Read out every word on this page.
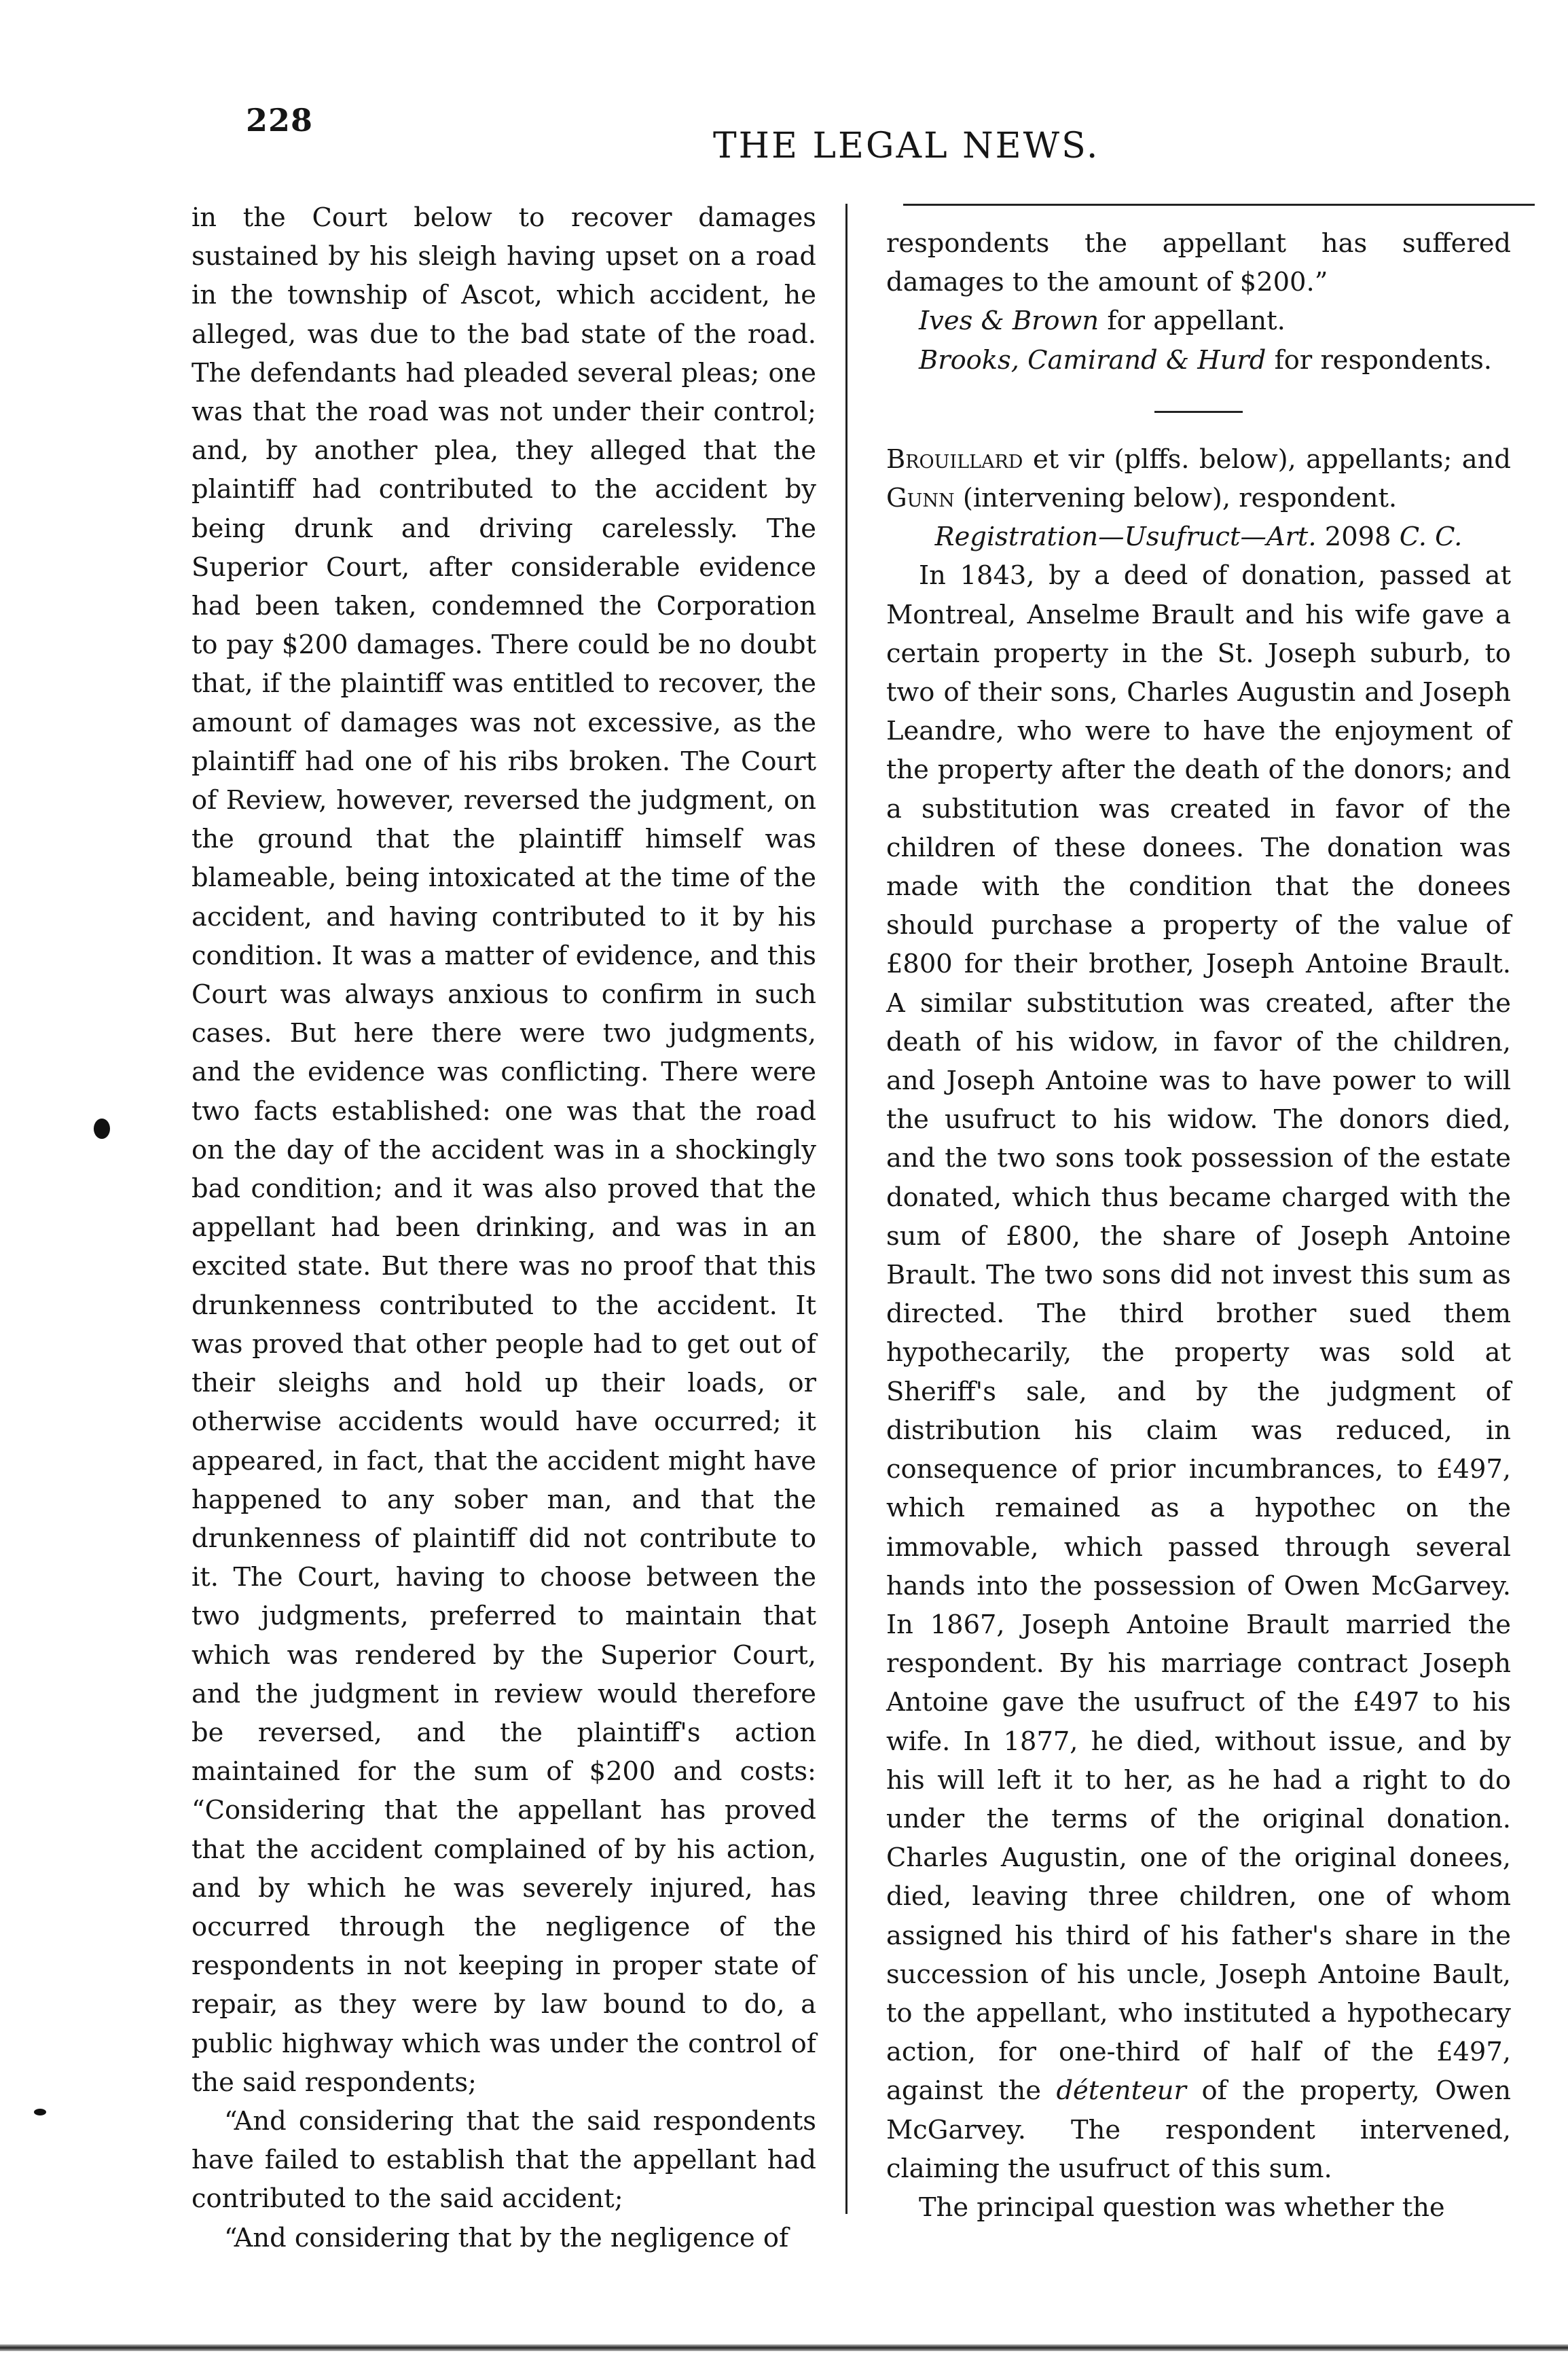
228
THE LEGAL NEWS.

in the Court below to recover damages sustained by his sleigh having upset on a road in the township of Ascot, which accident, he alleged, was due to the bad state of the road. The defendants had pleaded several pleas; one was that the road was not under their control; and, by another plea, they alleged that the plaintiff had contributed to the accident by being drunk and driving carelessly. The Superior Court, after considerable evidence had been taken, condemned the Corporation to pay $200 damages. There could be no doubt that, if the plaintiff was entitled to recover, the amount of damages was not excessive, as the plaintiff had one of his ribs broken. The Court of Review, however, reversed the judgment, on the ground that the plaintiff himself was blameable, being intoxicated at the time of the accident, and having contributed to it by his condition. It was a matter of evidence, and this Court was always anxious to confirm in such cases. But here there were two judgments, and the evidence was conflicting. There were two facts established: one was that the road on the day of the accident was in a shockingly bad condition; and it was also proved that the appellant had been drinking, and was in an excited state. But there was no proof that this drunkenness contributed to the accident. It was proved that other people had to get out of their sleighs and hold up their loads, or otherwise accidents would have occurred; it appeared, in fact, that the accident might have happened to any sober man, and that the drunkenness of plaintiff did not contribute to it. The Court, having to choose between the two judgments, preferred to maintain that which was rendered by the Superior Court, and the judgment in review would therefore be reversed, and the plaintiff's action maintained for the sum of $200 and costs: “Considering that the appellant has proved that the accident complained of by his action, and by which he was severely injured, has occurred through the negligence of the respondents in not keeping in proper state of repair, as they were by law bound to do, a public highway which was under the control of the said respondents;

“And considering that the said respondents have failed to establish that the appellant had contributed to the said accident;

“And considering that by the negligence of

respondents the appellant has suffered damages to the amount of $200.”

Ives & Brown for appellant.

Brooks, Camirand & Hurd for respondents.

Brouillard et vir (plffs. below), appellants; and Gunn (intervening below), respondent.

Registration—Usufruct—Art. 2098 C. C.

In 1843, by a deed of donation, passed at Montreal, Anselme Brault and his wife gave a certain property in the St. Joseph suburb, to two of their sons, Charles Augustin and Joseph Leandre, who were to have the enjoyment of the property after the death of the donors; and a substitution was created in favor of the children of these donees. The donation was made with the condition that the donees should purchase a property of the value of £800 for their brother, Joseph Antoine Brault. A similar substitution was created, after the death of his widow, in favor of the children, and Joseph Antoine was to have power to will the usufruct to his widow. The donors died, and the two sons took possession of the estate donated, which thus became charged with the sum of £800, the share of Joseph Antoine Brault. The two sons did not invest this sum as directed. The third brother sued them hypothecarily, the property was sold at Sheriff's sale, and by the judgment of distribution his claim was reduced, in consequence of prior incumbrances, to £497, which remained as a hypothec on the immovable, which passed through several hands into the possession of Owen McGarvey. In 1867, Joseph Antoine Brault married the respondent. By his marriage contract Joseph Antoine gave the usufruct of the £497 to his wife. In 1877, he died, without issue, and by his will left it to her, as he had a right to do under the terms of the original donation. Charles Augustin, one of the original donees, died, leaving three children, one of whom assigned his third of his father's share in the succession of his uncle, Joseph Antoine Bault, to the appellant, who instituted a hypothecary action, for one-third of half of the £497, against the détenteur of the property, Owen McGarvey. The respondent intervened, claiming the usufruct of this sum.

The principal question was whether the
